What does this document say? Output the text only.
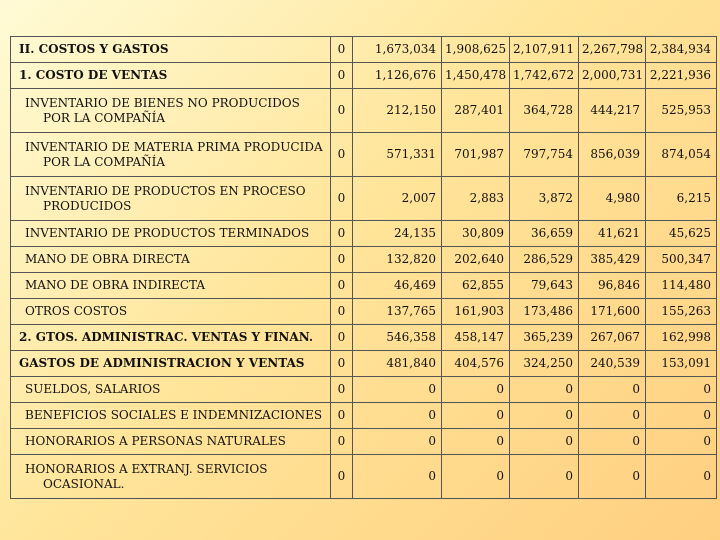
II. COSTOS Y GASTOS	0	1,673,034	1,908,625	2,107,911	2,267,798	2,384,934

1. COSTO DE VENTAS	0	1,126,676	1,450,478	1,742,672	2,000,731	2,221,936

INVENTARIO DE BIENES NO PRODUCIDOS POR LA COMPAÑÍA	0	212,150	287,401	364,728	444,217	525,953

INVENTARIO DE MATERIA PRIMA PRODUCIDA POR LA COMPAÑÍA	0	571,331	701,987	797,754	856,039	874,054

INVENTARIO DE PRODUCTOS EN PROCESO PRODUCIDOS	0	2,007	2,883	3,872	4,980	6,215

INVENTARIO DE PRODUCTOS TERMINADOS	0	24,135	30,809	36,659	41,621	45,625

MANO DE OBRA DIRECTA	0	132,820	202,640	286,529	385,429	500,347

MANO DE OBRA INDIRECTA	0	46,469	62,855	79,643	96,846	114,480

OTROS COSTOS	0	137,765	161,903	173,486	171,600	155,263

2. GTOS. ADMINISTRAC. VENTAS Y FINAN.	0	546,358	458,147	365,239	267,067	162,998

GASTOS DE ADMINISTRACION Y VENTAS	0	481,840	404,576	324,250	240,539	153,091

SUELDOS, SALARIOS	0	0	0	0	0	0

BENEFICIOS SOCIALES E INDEMNIZACIONES	0	0	0	0	0	0

HONORARIOS A PERSONAS NATURALES	0	0	0	0	0	0

HONORARIOS A EXTRANJ. SERVICIOS OCASIONAL.	0	0	0	0	0	0
